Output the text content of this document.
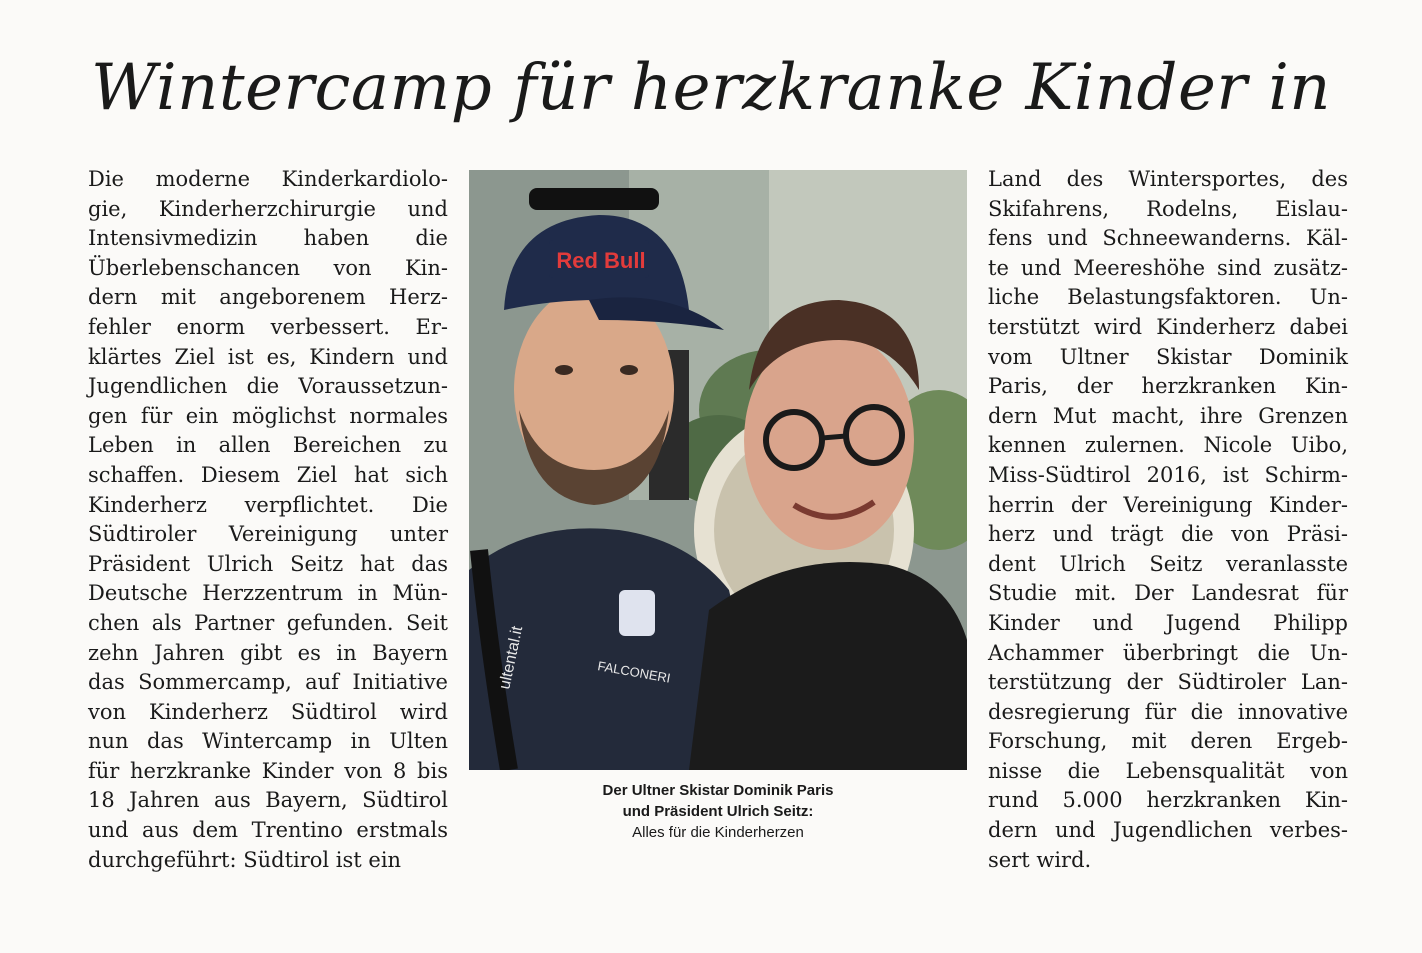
Wintercamp für herzkranke Kinder in
Die moderne Kinderkardiolo-
gie, Kinderherzchirurgie und
Intensivmedizin haben die
Überlebenschancen von Kin-
dern mit angeborenem Herz-
fehler enorm verbessert. Er-
klärtes Ziel ist es, Kindern und
Jugendlichen die Voraussetzun-
gen für ein möglichst normales
Leben in allen Bereichen zu
schaffen. Diesem Ziel hat sich
Kinderherz verpflichtet. Die
Südtiroler Vereinigung unter
Präsident Ulrich Seitz hat das
Deutsche Herzzentrum in Mün-
chen als Partner gefunden. Seit
zehn Jahren gibt es in Bayern
das Sommercamp, auf Initiative
von Kinderherz Südtirol wird
nun das Wintercamp in Ulten
für herzkranke Kinder von 8 bis
18 Jahren aus Bayern, Südtirol
und aus dem Trentino erstmals
durchgeführt: Südtirol ist ein
ultental.it	FALCONERI
Red Bull
Der Ultner Skistar Dominik Paris
und Präsident Ulrich Seitz:
Alles für die Kinderherzen
Land des Wintersportes, des
Skifahrens, Rodelns, Eislau-
fens und Schneewanderns. Käl-
te und Meereshöhe sind zusätz-
liche Belastungsfaktoren. Un-
terstützt wird Kinderherz dabei
vom Ultner Skistar Dominik
Paris, der herzkranken Kin-
dern Mut macht, ihre Grenzen
kennen zulernen. Nicole Uibo,
Miss-Südtirol 2016, ist Schirm-
herrin der Vereinigung Kinder-
herz und trägt die von Präsi-
dent Ulrich Seitz veranlasste
Studie mit. Der Landesrat für
Kinder und Jugend Philipp
Achammer überbringt die Un-
terstützung der Südtiroler Lan-
desregierung für die innovative
Forschung, mit deren Ergeb-
nisse die Lebensqualität von
rund 5.000 herzkranken Kin-
dern und Jugendlichen verbes-
sert wird.
